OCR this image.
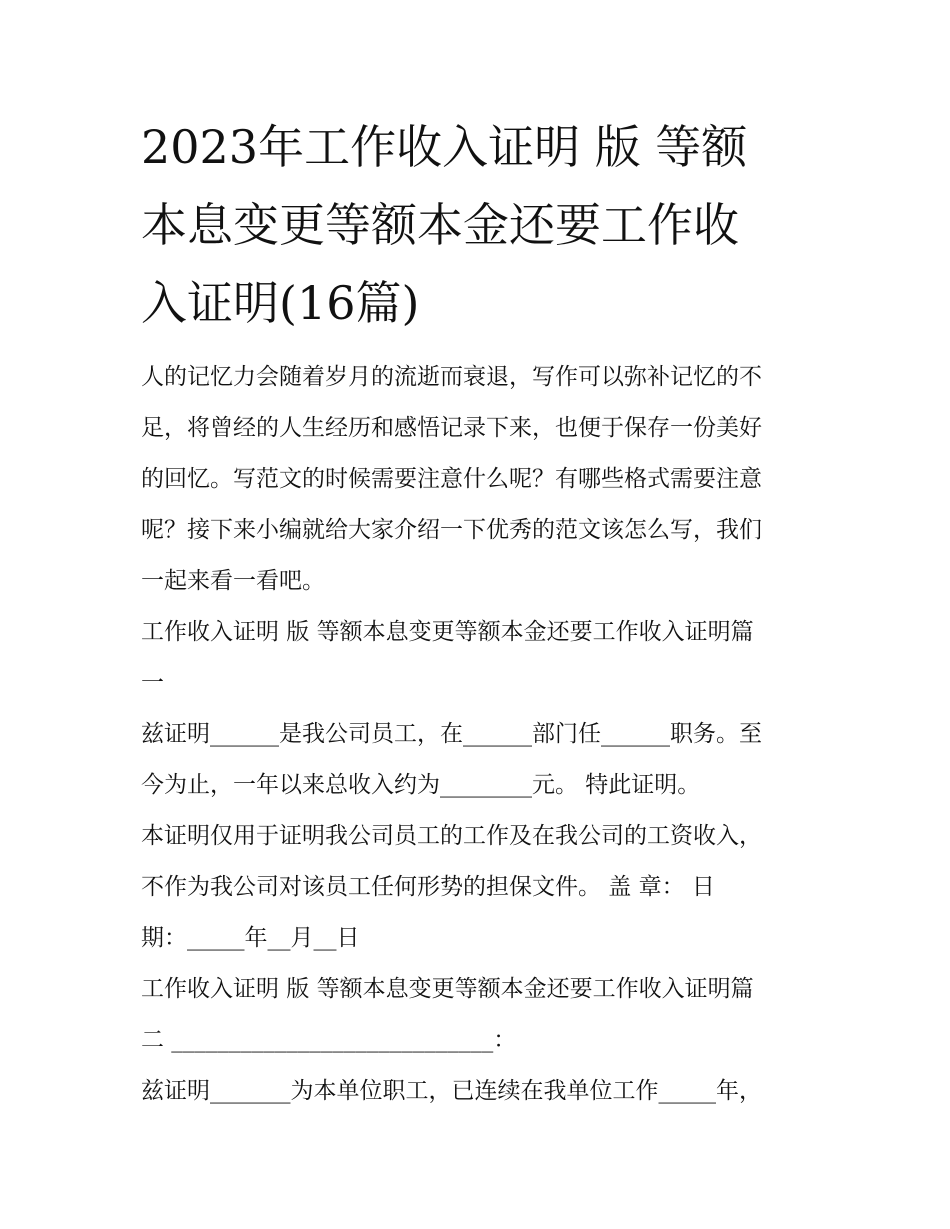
2023年工作收入证明 版 等额
本息变更等额本金还要工作收
入证明(16篇)

人的记忆力会随着岁月的流逝而衰退，写作可以弥补记忆的不

足，将曾经的人生经历和感悟记录下来，也便于保存一份美好

的回忆。写范文的时候需要注意什么呢？有哪些格式需要注意

呢？接下来小编就给大家介绍一下优秀的范文该怎么写，我们

一起来看一看吧。

工作收入证明 版 等额本息变更等额本金还要工作收入证明篇

一

兹证明______是我公司员工，在______部门任______职务。至

今为止，一年以来总收入约为________元。 特此证明。

本证明仅用于证明我公司员工的工作及在我公司的工资收入，

不作为我公司对该员工任何形势的担保文件。 盖 章： 日

期：_____年__月__日

工作收入证明 版 等额本息变更等额本金还要工作收入证明篇

二 ____________________________：

兹证明_______为本单位职工，已连续在我单位工作_____年，
